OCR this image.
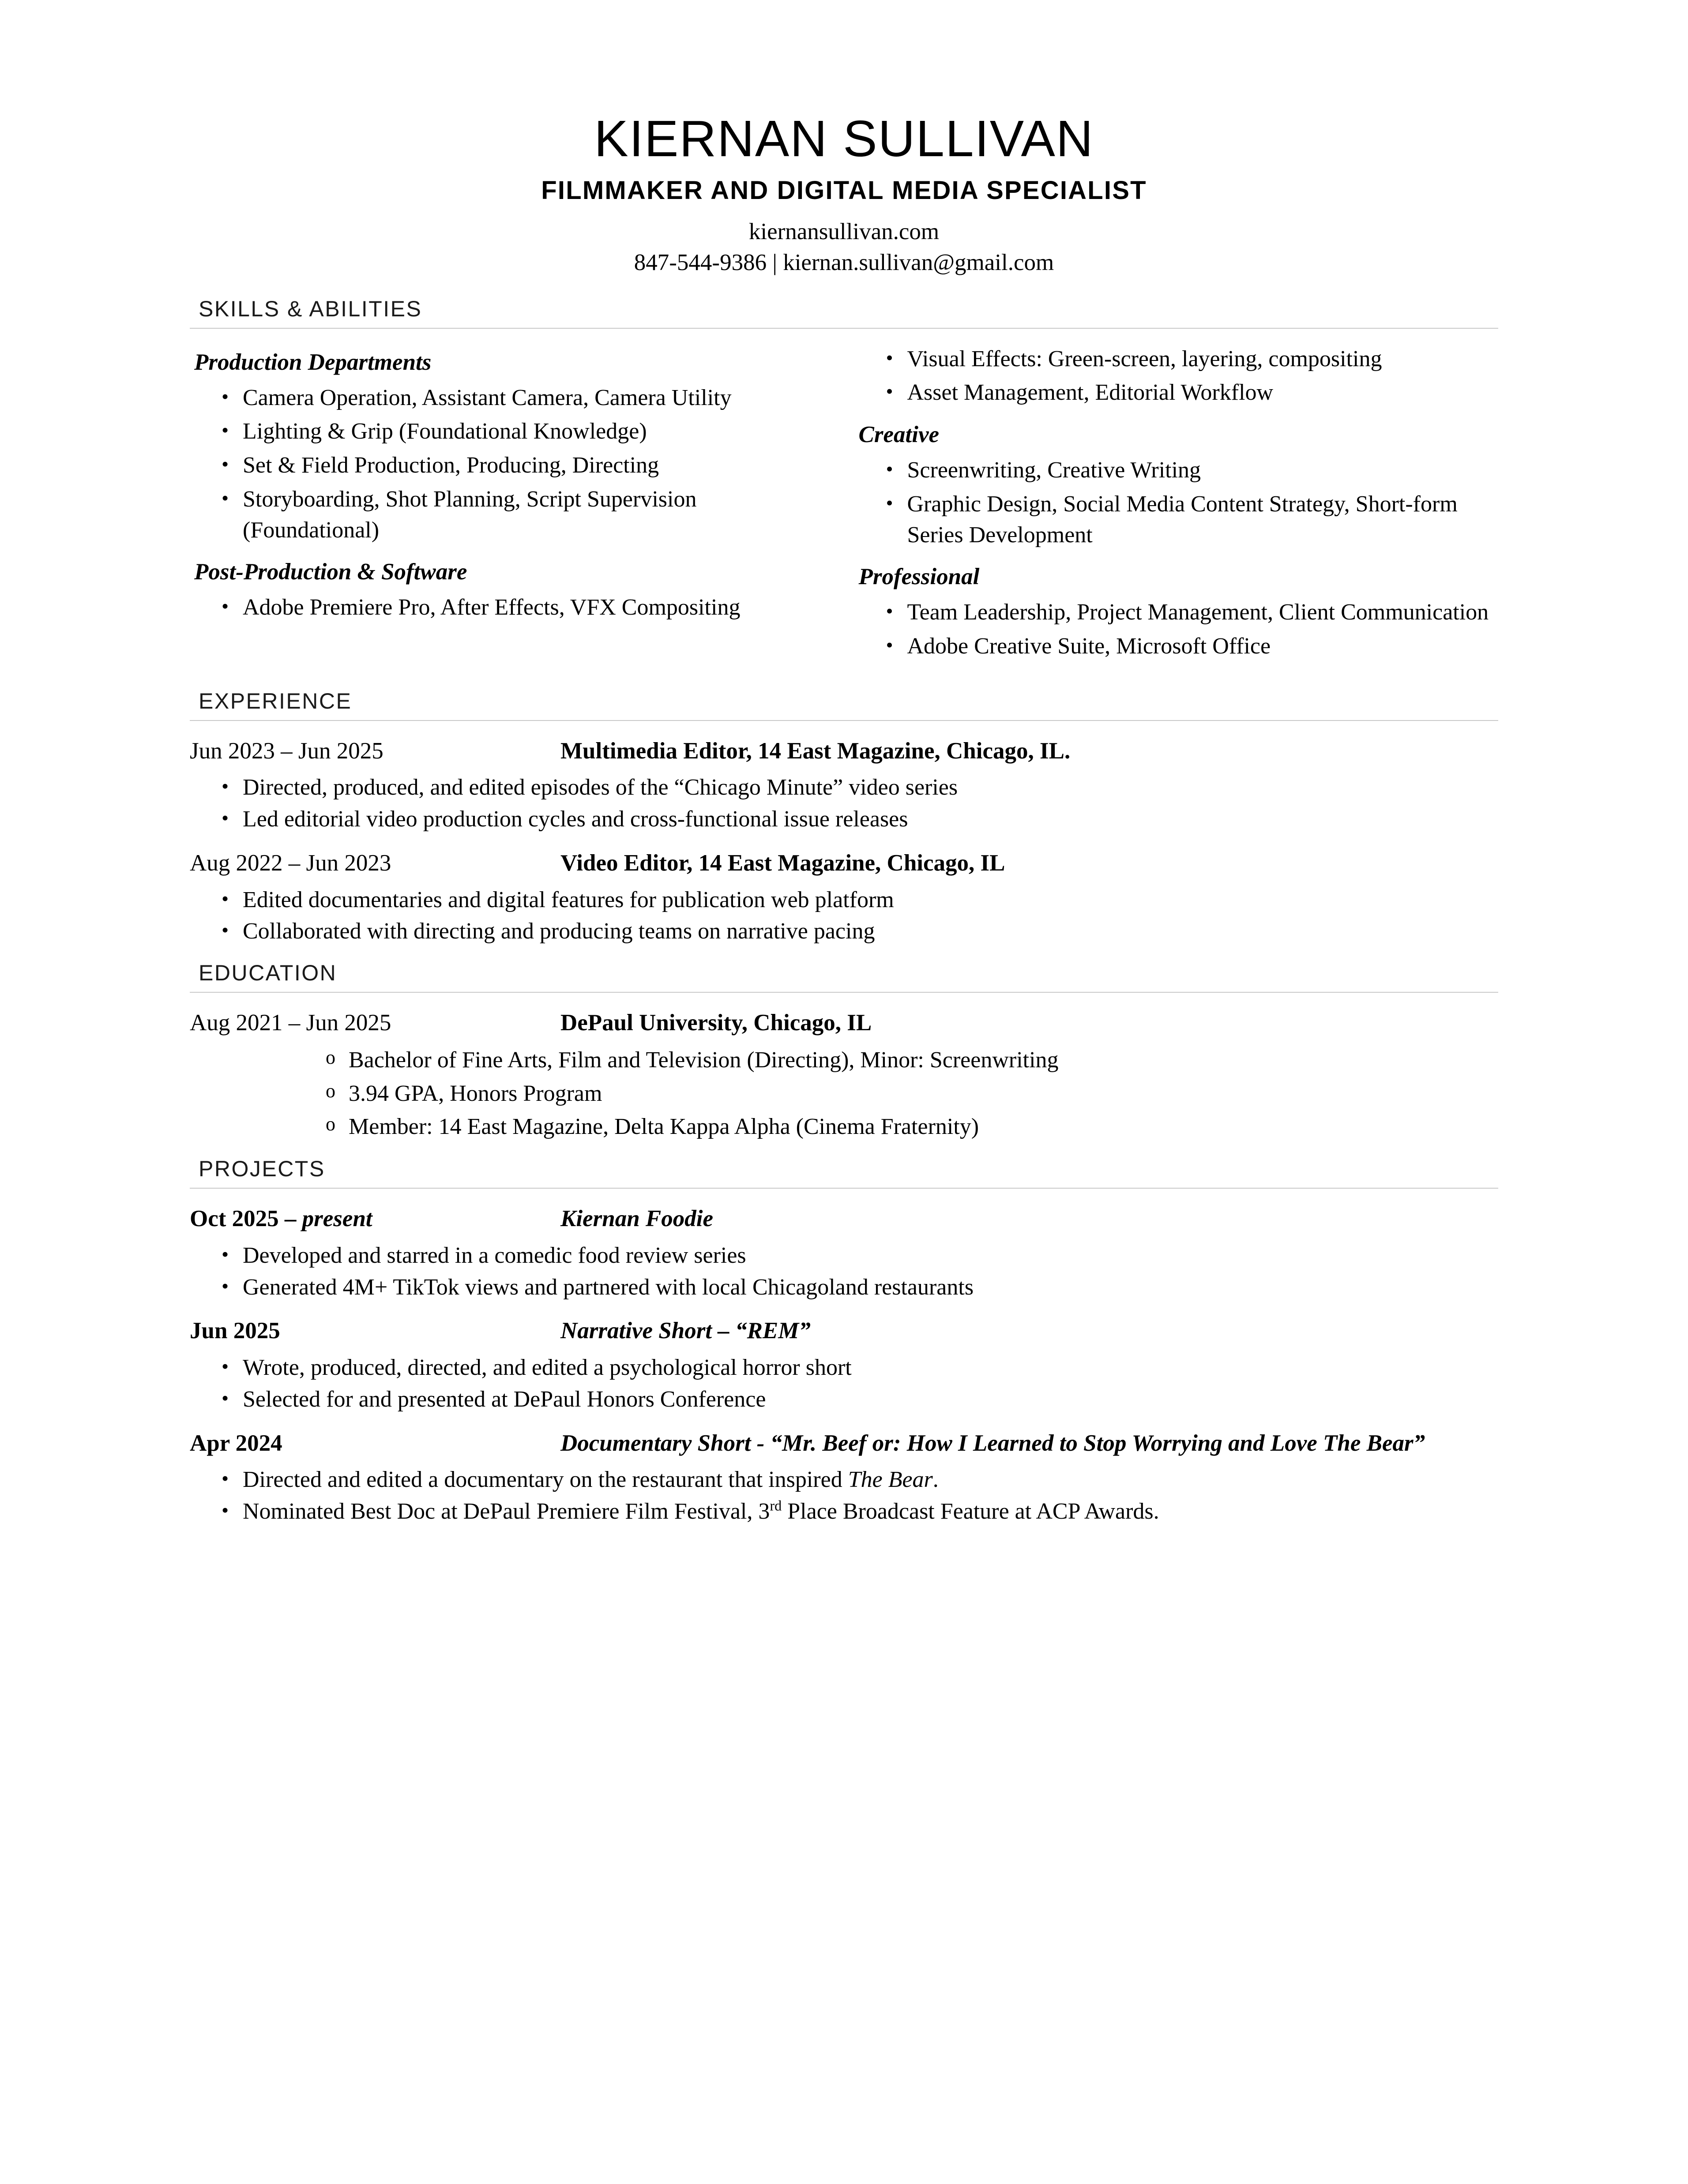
KIERNAN SULLIVAN
FILMMAKER AND DIGITAL MEDIA SPECIALIST
kiernansullivan.com
847-544-9386 | kiernan.sullivan@gmail.com
SKILLS & ABILITIES
Production Departments
• Camera Operation, Assistant Camera, Camera Utility
• Lighting & Grip (Foundational Knowledge)
• Set & Field Production, Producing, Directing
• Storyboarding, Shot Planning, Script Supervision (Foundational)
Post-Production & Software
• Adobe Premiere Pro, After Effects, VFX Compositing
• Visual Effects: Green-screen, layering, compositing
• Asset Management, Editorial Workflow
Creative
• Screenwriting, Creative Writing
• Graphic Design, Social Media Content Strategy, Short-form Series Development
Professional
• Team Leadership, Project Management, Client Communication
• Adobe Creative Suite, Microsoft Office
EXPERIENCE
Jun 2023 – Jun 2025	Multimedia Editor, 14 East Magazine, Chicago, IL.
• Directed, produced, and edited episodes of the “Chicago Minute” video series
• Led editorial video production cycles and cross-functional issue releases
Aug 2022 – Jun 2023	Video Editor, 14 East Magazine, Chicago, IL
• Edited documentaries and digital features for publication web platform
• Collaborated with directing and producing teams on narrative pacing
EDUCATION
Aug 2021 – Jun 2025	DePaul University, Chicago, IL
o Bachelor of Fine Arts, Film and Television (Directing), Minor: Screenwriting
o 3.94 GPA, Honors Program
o Member: 14 East Magazine, Delta Kappa Alpha (Cinema Fraternity)
PROJECTS
Oct 2025 – present	Kiernan Foodie
• Developed and starred in a comedic food review series
• Generated 4M+ TikTok views and partnered with local Chicagoland restaurants
Jun 2025	Narrative Short – “REM”
• Wrote, produced, directed, and edited a psychological horror short
• Selected for and presented at DePaul Honors Conference
Apr 2024	Documentary Short - “Mr. Beef or: How I Learned to Stop Worrying and Love The Bear”
• Directed and edited a documentary on the restaurant that inspired The Bear.
• Nominated Best Doc at DePaul Premiere Film Festival, 3rd Place Broadcast Feature at ACP Awards.
